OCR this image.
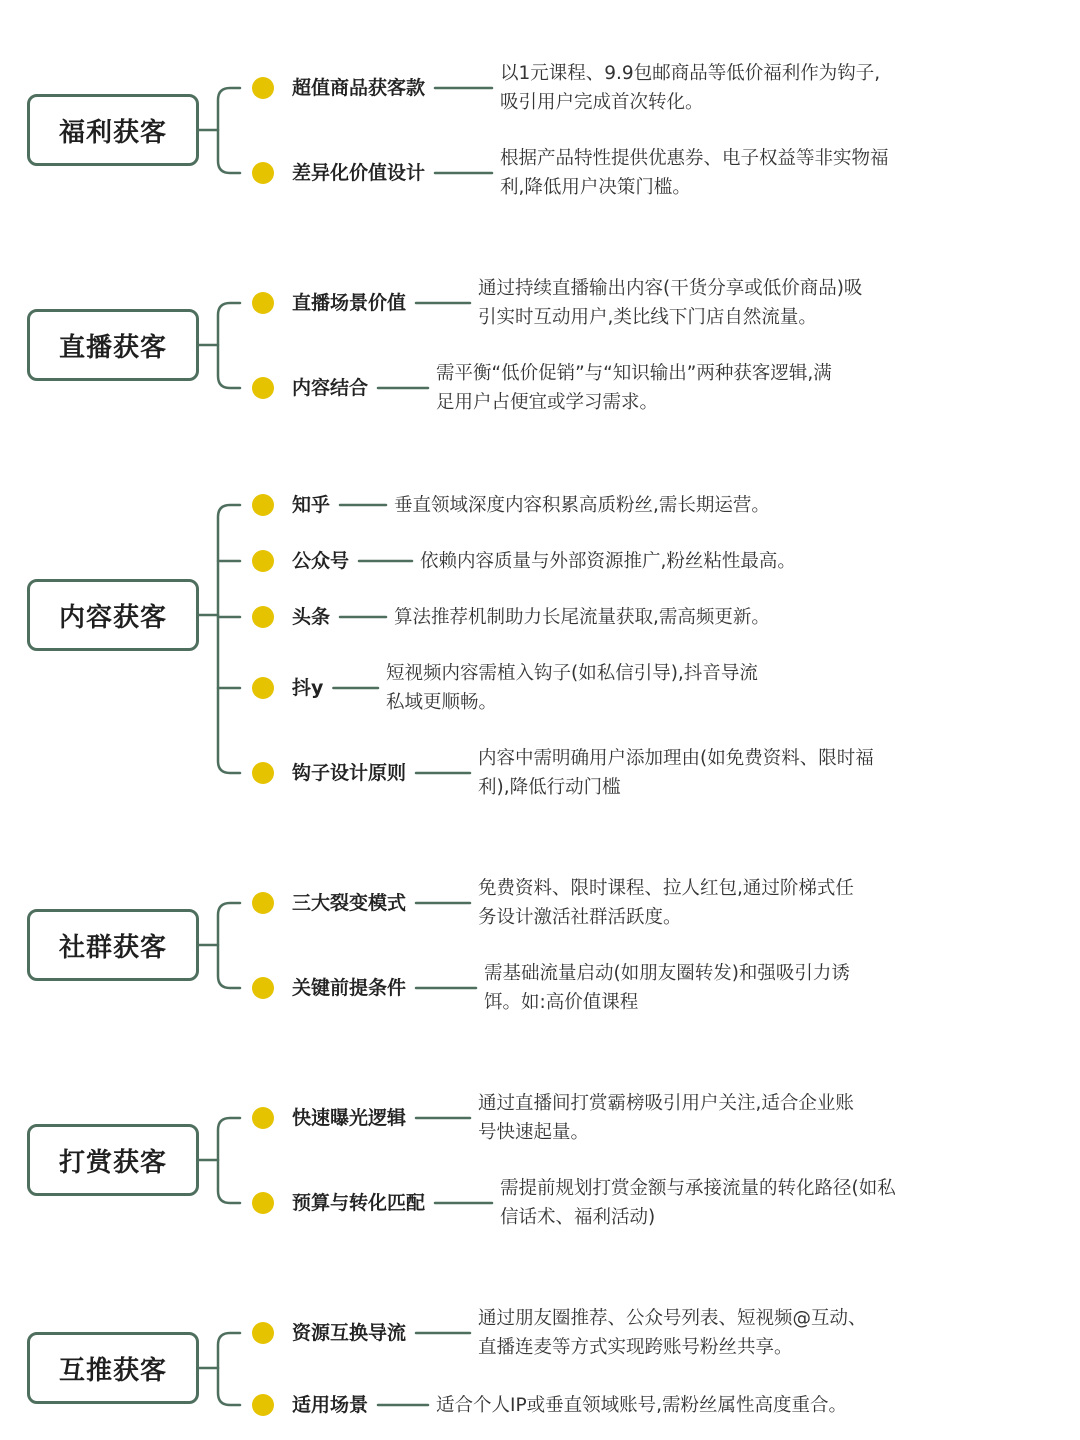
福利获客
超值商品获客款
以1元课程、9.9包邮商品等低价福利作为钩子,
吸引用户完成首次转化。
差异化价值设计
根据产品特性提供优惠券、电子权益等非实物福
利,降低用户决策门槛。
直播获客
直播场景价值
通过持续直播输出内容(干货分享或低价商品)吸
引实时互动用户,类比线下门店自然流量。
内容结合
需平衡“低价促销”与“知识输出”两种获客逻辑,满
足用户占便宜或学习需求。
内容获客
知乎	垂直领域深度内容积累高质粉丝,需长期运营。
公众号	依赖内容质量与外部资源推广,粉丝粘性最高。
头条	算法推荐机制助力长尾流量获取,需高频更新。
抖y
短视频内容需植入钩子(如私信引导),抖音导流
私域更顺畅。
钩子设计原则
内容中需明确用户添加理由(如免费资料、限时福
利),降低行动门槛
社群获客
三大裂变模式
免费资料、限时课程、拉人红包,通过阶梯式任
务设计激活社群活跃度。
关键前提条件
需基础流量启动(如朋友圈转发)和强吸引力诱
饵。如:高价值课程
打赏获客
快速曝光逻辑
通过直播间打赏霸榜吸引用户关注,适合企业账
号快速起量。
预算与转化匹配
需提前规划打赏金额与承接流量的转化路径(如私
信话术、福利活动)
互推获客
资源互换导流
通过朋友圈推荐、公众号列表、短视频@互动、
直播连麦等方式实现跨账号粉丝共享。
适用场景	适合个人IP或垂直领域账号,需粉丝属性高度重合。
